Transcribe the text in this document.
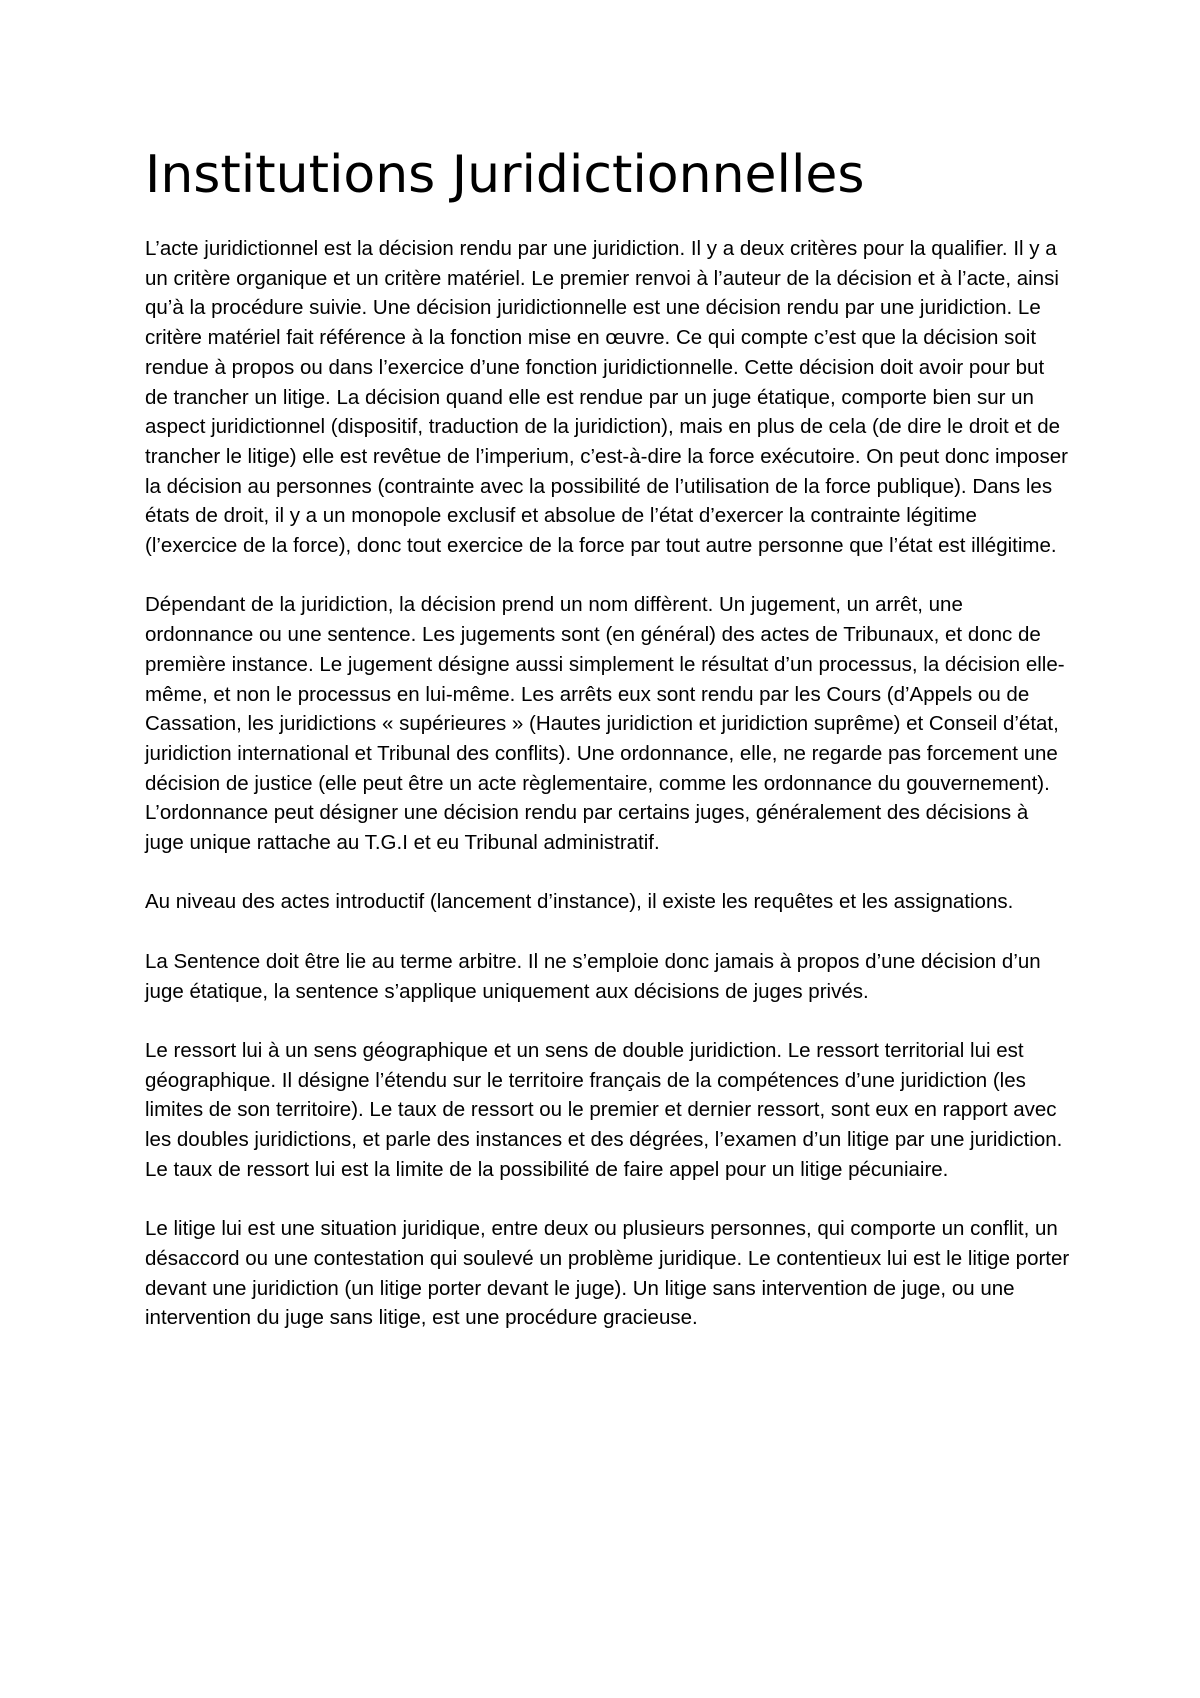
Institutions Juridictionnelles

L’acte juridictionnel est la décision rendu par une juridiction. Il y a deux critères pour la qualifier. Il y a un critère organique et un critère matériel. Le premier renvoi à l’auteur de la décision et à l’acte, ainsi qu’à la procédure suivie. Une décision juridictionnelle est une décision rendu par une juridiction. Le critère matériel fait référence à la fonction mise en œuvre. Ce qui compte c’est que la décision soit rendue à propos ou dans l’exercice d’une fonction juridictionnelle. Cette décision doit avoir pour but de trancher un litige. La décision quand elle est rendue par un juge étatique, comporte bien sur un aspect juridictionnel (dispositif, traduction de la juridiction), mais en plus de cela (de dire le droit et de trancher le litige) elle est revêtue de l’imperium, c’est-à-dire la force exécutoire. On peut donc imposer la décision au personnes (contrainte avec la possibilité de l’utilisation de la force publique). Dans les états de droit, il y a un monopole exclusif et absolue de l’état d’exercer la contrainte légitime (l’exercice de la force), donc tout exercice de la force par tout autre personne que l’état est illégitime.

Dépendant de la juridiction, la décision prend un nom diffèrent. Un jugement, un arrêt, une ordonnance ou une sentence. Les jugements sont (en général) des actes de Tribunaux, et donc de première instance. Le jugement désigne aussi simplement le résultat d’un processus, la décision elle-même, et non le processus en lui-même. Les arrêts eux sont rendu par les Cours (d’Appels ou de Cassation, les juridictions « supérieures » (Hautes juridiction et juridiction suprême) et Conseil d’état, juridiction international et Tribunal des conflits). Une ordonnance, elle, ne regarde pas forcement une décision de justice (elle peut être un acte règlementaire, comme les ordonnance du gouvernement). L’ordonnance peut désigner une décision rendu par certains juges, généralement des décisions à juge unique rattache au T.G.I et eu Tribunal administratif.

Au niveau des actes introductif (lancement d’instance), il existe les requêtes et les assignations.

La Sentence doit être lie au terme arbitre. Il ne s’emploie donc jamais à propos d’une décision d’un juge étatique, la sentence s’applique uniquement aux décisions de juges privés.

Le ressort lui à un sens géographique et un sens de double juridiction. Le ressort territorial lui est géographique. Il désigne l’étendu sur le territoire français de la compétences d’une juridiction (les limites de son territoire). Le taux de ressort ou le premier et dernier ressort, sont eux en rapport avec les doubles juridictions, et parle des instances et des dégrées, l’examen d’un litige par une juridiction. Le taux de ressort lui est la limite de la possibilité de faire appel pour un litige pécuniaire.

Le litige lui est une situation juridique, entre deux ou plusieurs personnes, qui comporte un conflit, un désaccord ou une contestation qui soulevé un problème juridique. Le contentieux lui est le litige porter devant une juridiction (un litige porter devant le juge). Un litige sans intervention de juge, ou une intervention du juge sans litige, est une procédure gracieuse.
